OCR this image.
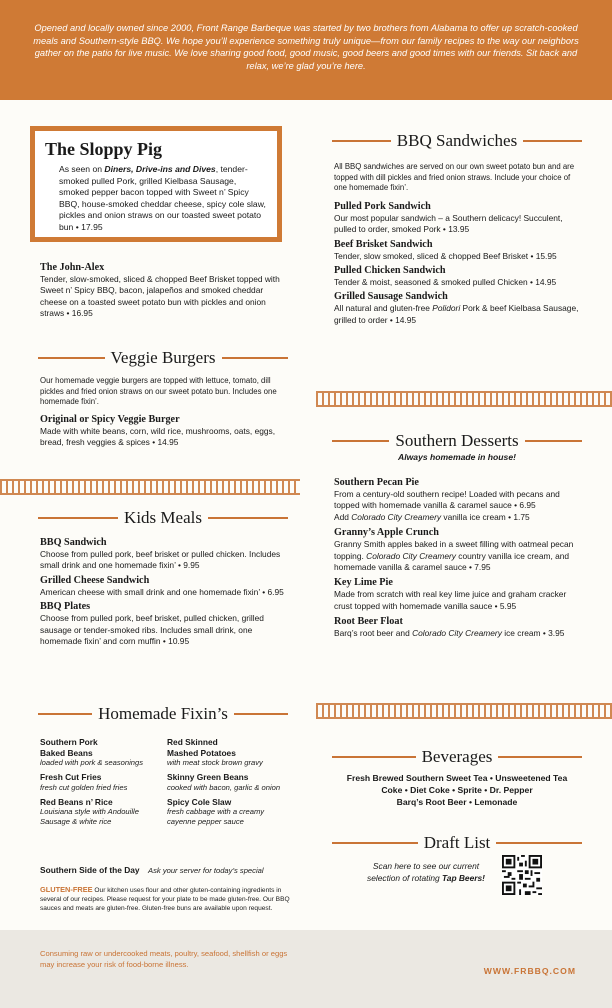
Opened and locally owned since 2000, Front Range Barbeque was started by two brothers from Alabama to offer up scratch-cooked meals and Southern-style BBQ. We hope you’ll experience something truly unique—from our family recipes to the way our neighbors gather on the patio for live music. We love sharing good food, good music, good beers and good times with our friends. Sit back and relax, we’re glad you’re here.

The Sloppy Pig
As seen on Diners, Drive-ins and Dives, tender-smoked pulled Pork, grilled Kielbasa Sausage, smoked pepper bacon topped with Sweet n’ Spicy BBQ, house-smoked cheddar cheese, spicy cole slaw, pickles and onion straws on our toasted sweet potato bun • 17.95
The John-Alex
Tender, slow-smoked, sliced & chopped Beef Brisket topped with Sweet n’ Spicy BBQ, bacon, jalapeños and smoked cheddar cheese on a toasted sweet potato bun with pickles and onion straws • 16.95
Veggie Burgers
Our homemade veggie burgers are topped with lettuce, tomato, dill pickles and fried onion straws on our sweet potato bun. Includes one homemade fixin’.
Original or Spicy Veggie Burger
Made with white beans, corn, wild rice, mushrooms, oats, eggs, bread, fresh veggies & spices • 14.95
Kids Meals
BBQ Sandwich
Choose from pulled pork, beef brisket or pulled chicken. Includes small drink and one homemade fixin’ • 9.95
Grilled Cheese Sandwich
American cheese with small drink and one homemade fixin’ • 6.95
BBQ Plates
Choose from pulled pork, beef brisket, pulled chicken, grilled sausage or tender-smoked ribs. Includes small drink, one homemade fixin’ and corn muffin • 10.95
Homemade Fixin’s
Southern Pork
Baked Beans
loaded with pork & seasonings
Red Skinned
Mashed Potatoes
with meat stock brown gravy
Fresh Cut Fries
fresh cut golden fried fries
Skinny Green Beans
cooked with bacon, garlic & onion
Red Beans n’ Rice
Louisiana style with Andouille Sausage & white rice
Spicy Cole Slaw
fresh cabbage with a creamy cayenne pepper sauce
Southern Side of the Day Ask your server for today’s special
GLUTEN-FREE Our kitchen uses flour and other gluten-containing ingredients in several of our recipes. Please request for your plate to be made gluten-free. Our BBQ sauces and meats are gluten-free. Gluten-free buns are available upon request.
BBQ Sandwiches
All BBQ sandwiches are served on our own sweet potato bun and are topped with dill pickles and fried onion straws. Include your choice of one homemade fixin’.
Pulled Pork Sandwich
Our most popular sandwich – a Southern delicacy! Succulent, pulled to order, smoked Pork • 13.95
Beef Brisket Sandwich
Tender, slow smoked, sliced & chopped Beef Brisket • 15.95
Pulled Chicken Sandwich
Tender & moist, seasoned & smoked pulled Chicken • 14.95
Grilled Sausage Sandwich
All natural and gluten-free Polidori Pork & beef Kielbasa Sausage, grilled to order • 14.95
Southern Desserts
Always homemade in house!
Southern Pecan Pie
From a century-old southern recipe! Loaded with pecans and topped with homemade vanilla & caramel sauce • 6.95
Add Colorado City Creamery vanilla ice cream • 1.75
Granny’s Apple Crunch
Granny Smith apples baked in a sweet filling with oatmeal pecan topping. Colorado City Creamery country vanilla ice cream, and homemade vanilla & caramel sauce • 7.95
Key Lime Pie
Made from scratch with real key lime juice and graham cracker crust topped with homemade vanilla sauce • 5.95
Root Beer Float
Barq’s root beer and Colorado City Creamery ice cream • 3.95
Beverages
Fresh Brewed Southern Sweet Tea • Unsweetened Tea
Coke • Diet Coke • Sprite • Dr. Pepper
Barq’s Root Beer • Lemonade
Draft List
Scan here to see our current selection of rotating Tap Beers!
Consuming raw or undercooked meats, poultry, seafood, shellfish or eggs may increase your risk of food-borne illness.
WWW.FRBBQ.COM
